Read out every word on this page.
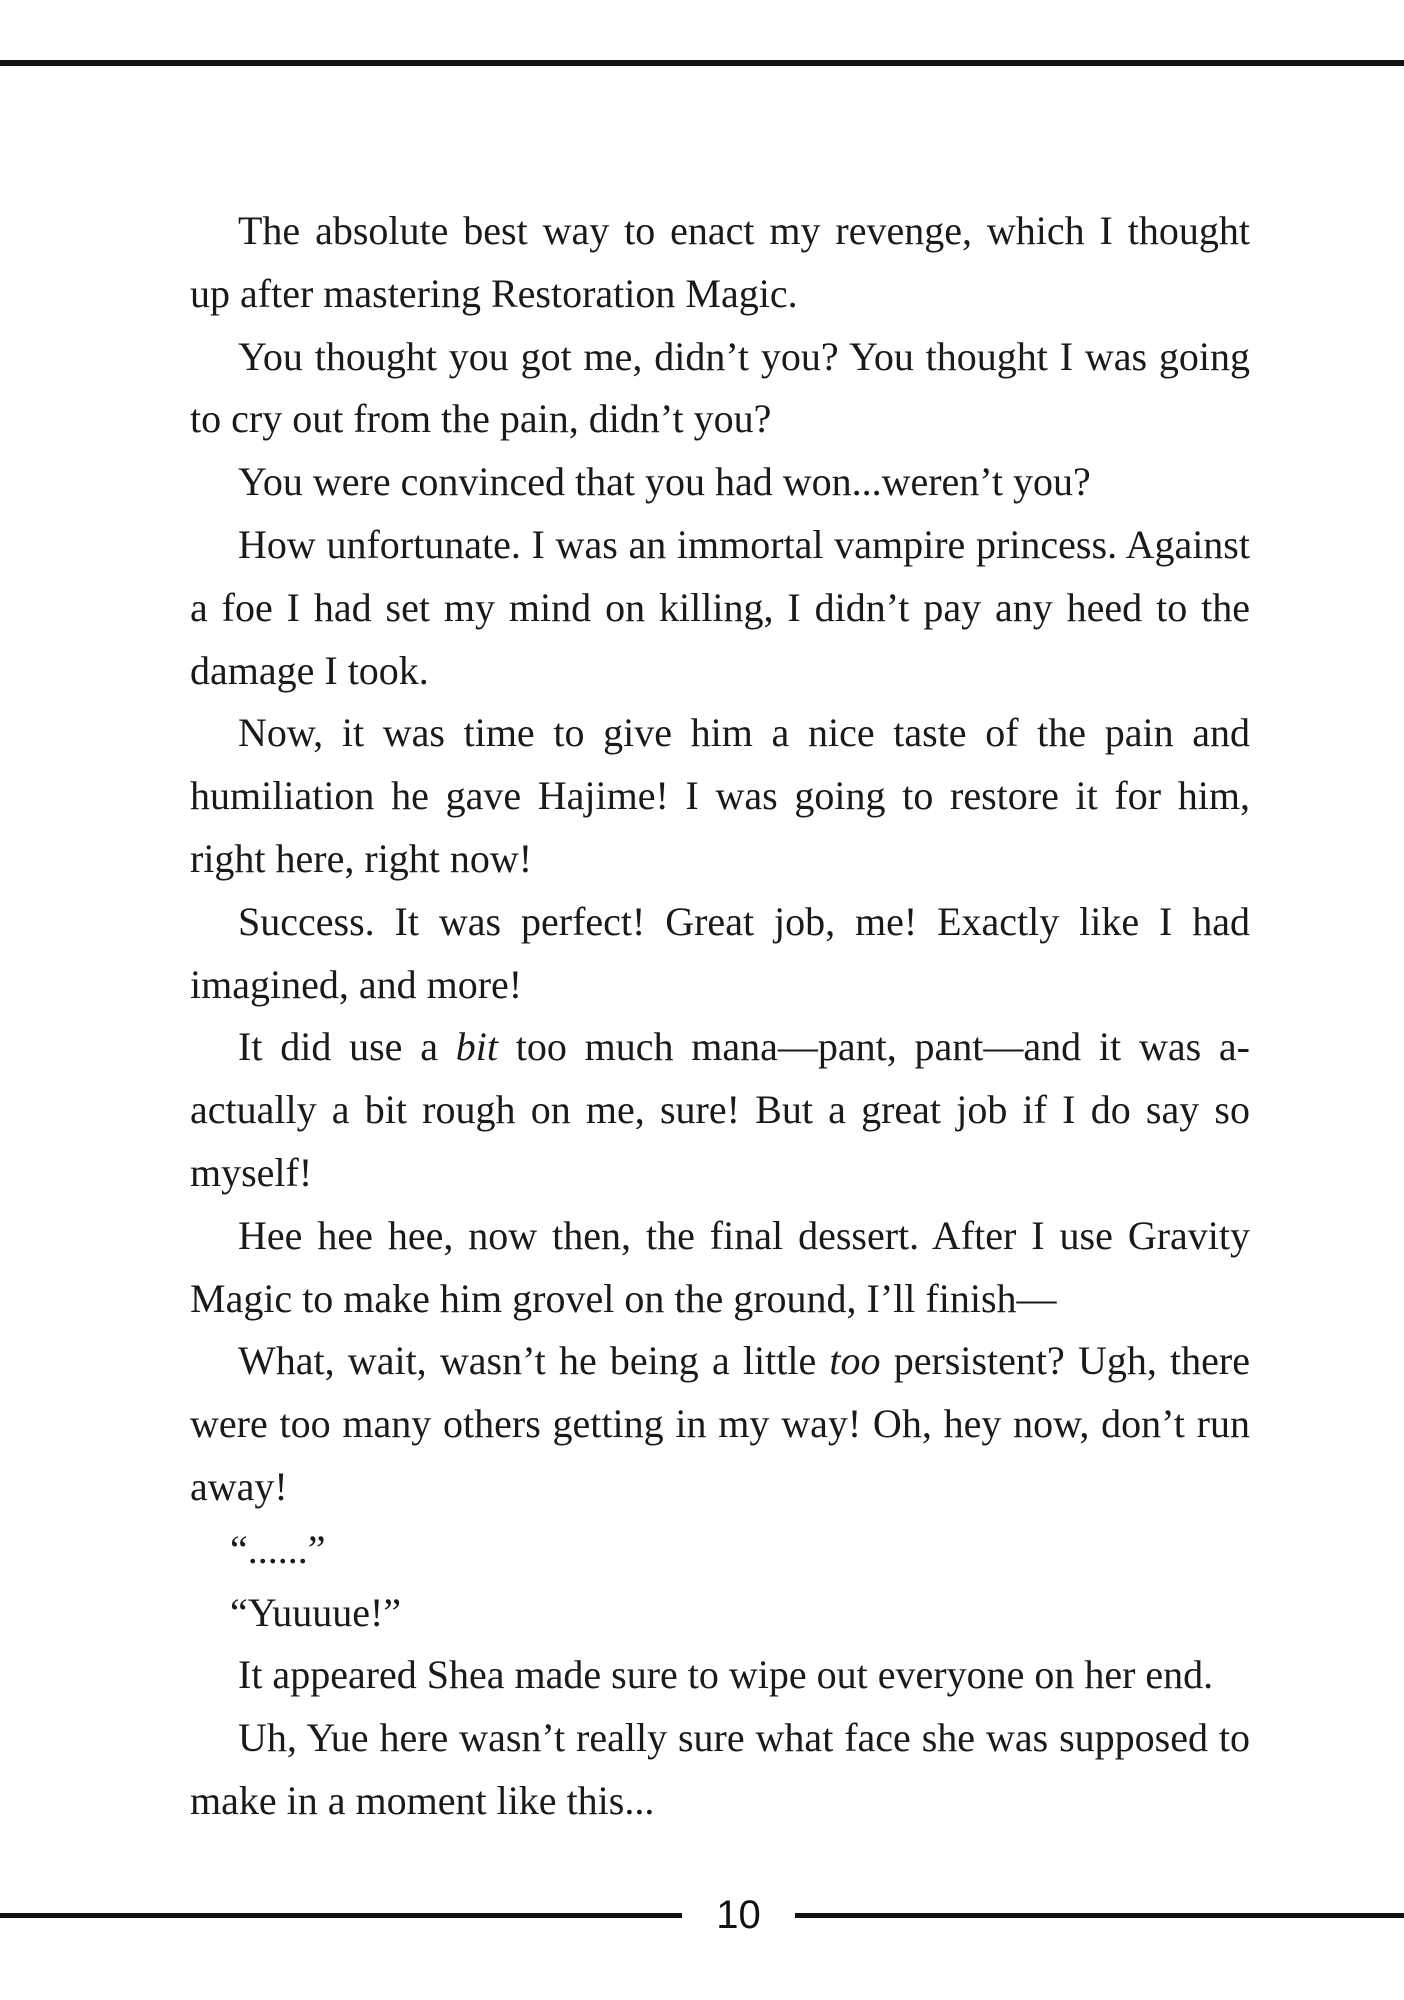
The absolute best way to enact my revenge, which I thought up after mastering Restoration Magic.

You thought you got me, didn’t you? You thought I was going to cry out from the pain, didn’t you?

You were convinced that you had won...weren’t you?

How unfortunate. I was an immortal vampire princess. Against a foe I had set my mind on killing, I didn’t pay any heed to the damage I took.

Now, it was time to give him a nice taste of the pain and humiliation he gave Hajime! I was going to restore it for him, right here, right now!

Success. It was perfect! Great job, me! Exactly like I had imagined, and more!

It did use a bit too much mana—pant, pant—and it was a-actually a bit rough on me, sure! But a great job if I do say so myself!

Hee hee hee, now then, the final dessert. After I use Gravity Magic to make him grovel on the ground, I’ll finish—

What, wait, wasn’t he being a little too persistent? Ugh, there were too many others getting in my way! Oh, hey now, don’t run away!

“......”

“Yuuuue!”

It appeared Shea made sure to wipe out everyone on her end.

Uh, Yue here wasn’t really sure what face she was supposed to make in a moment like this...

10
